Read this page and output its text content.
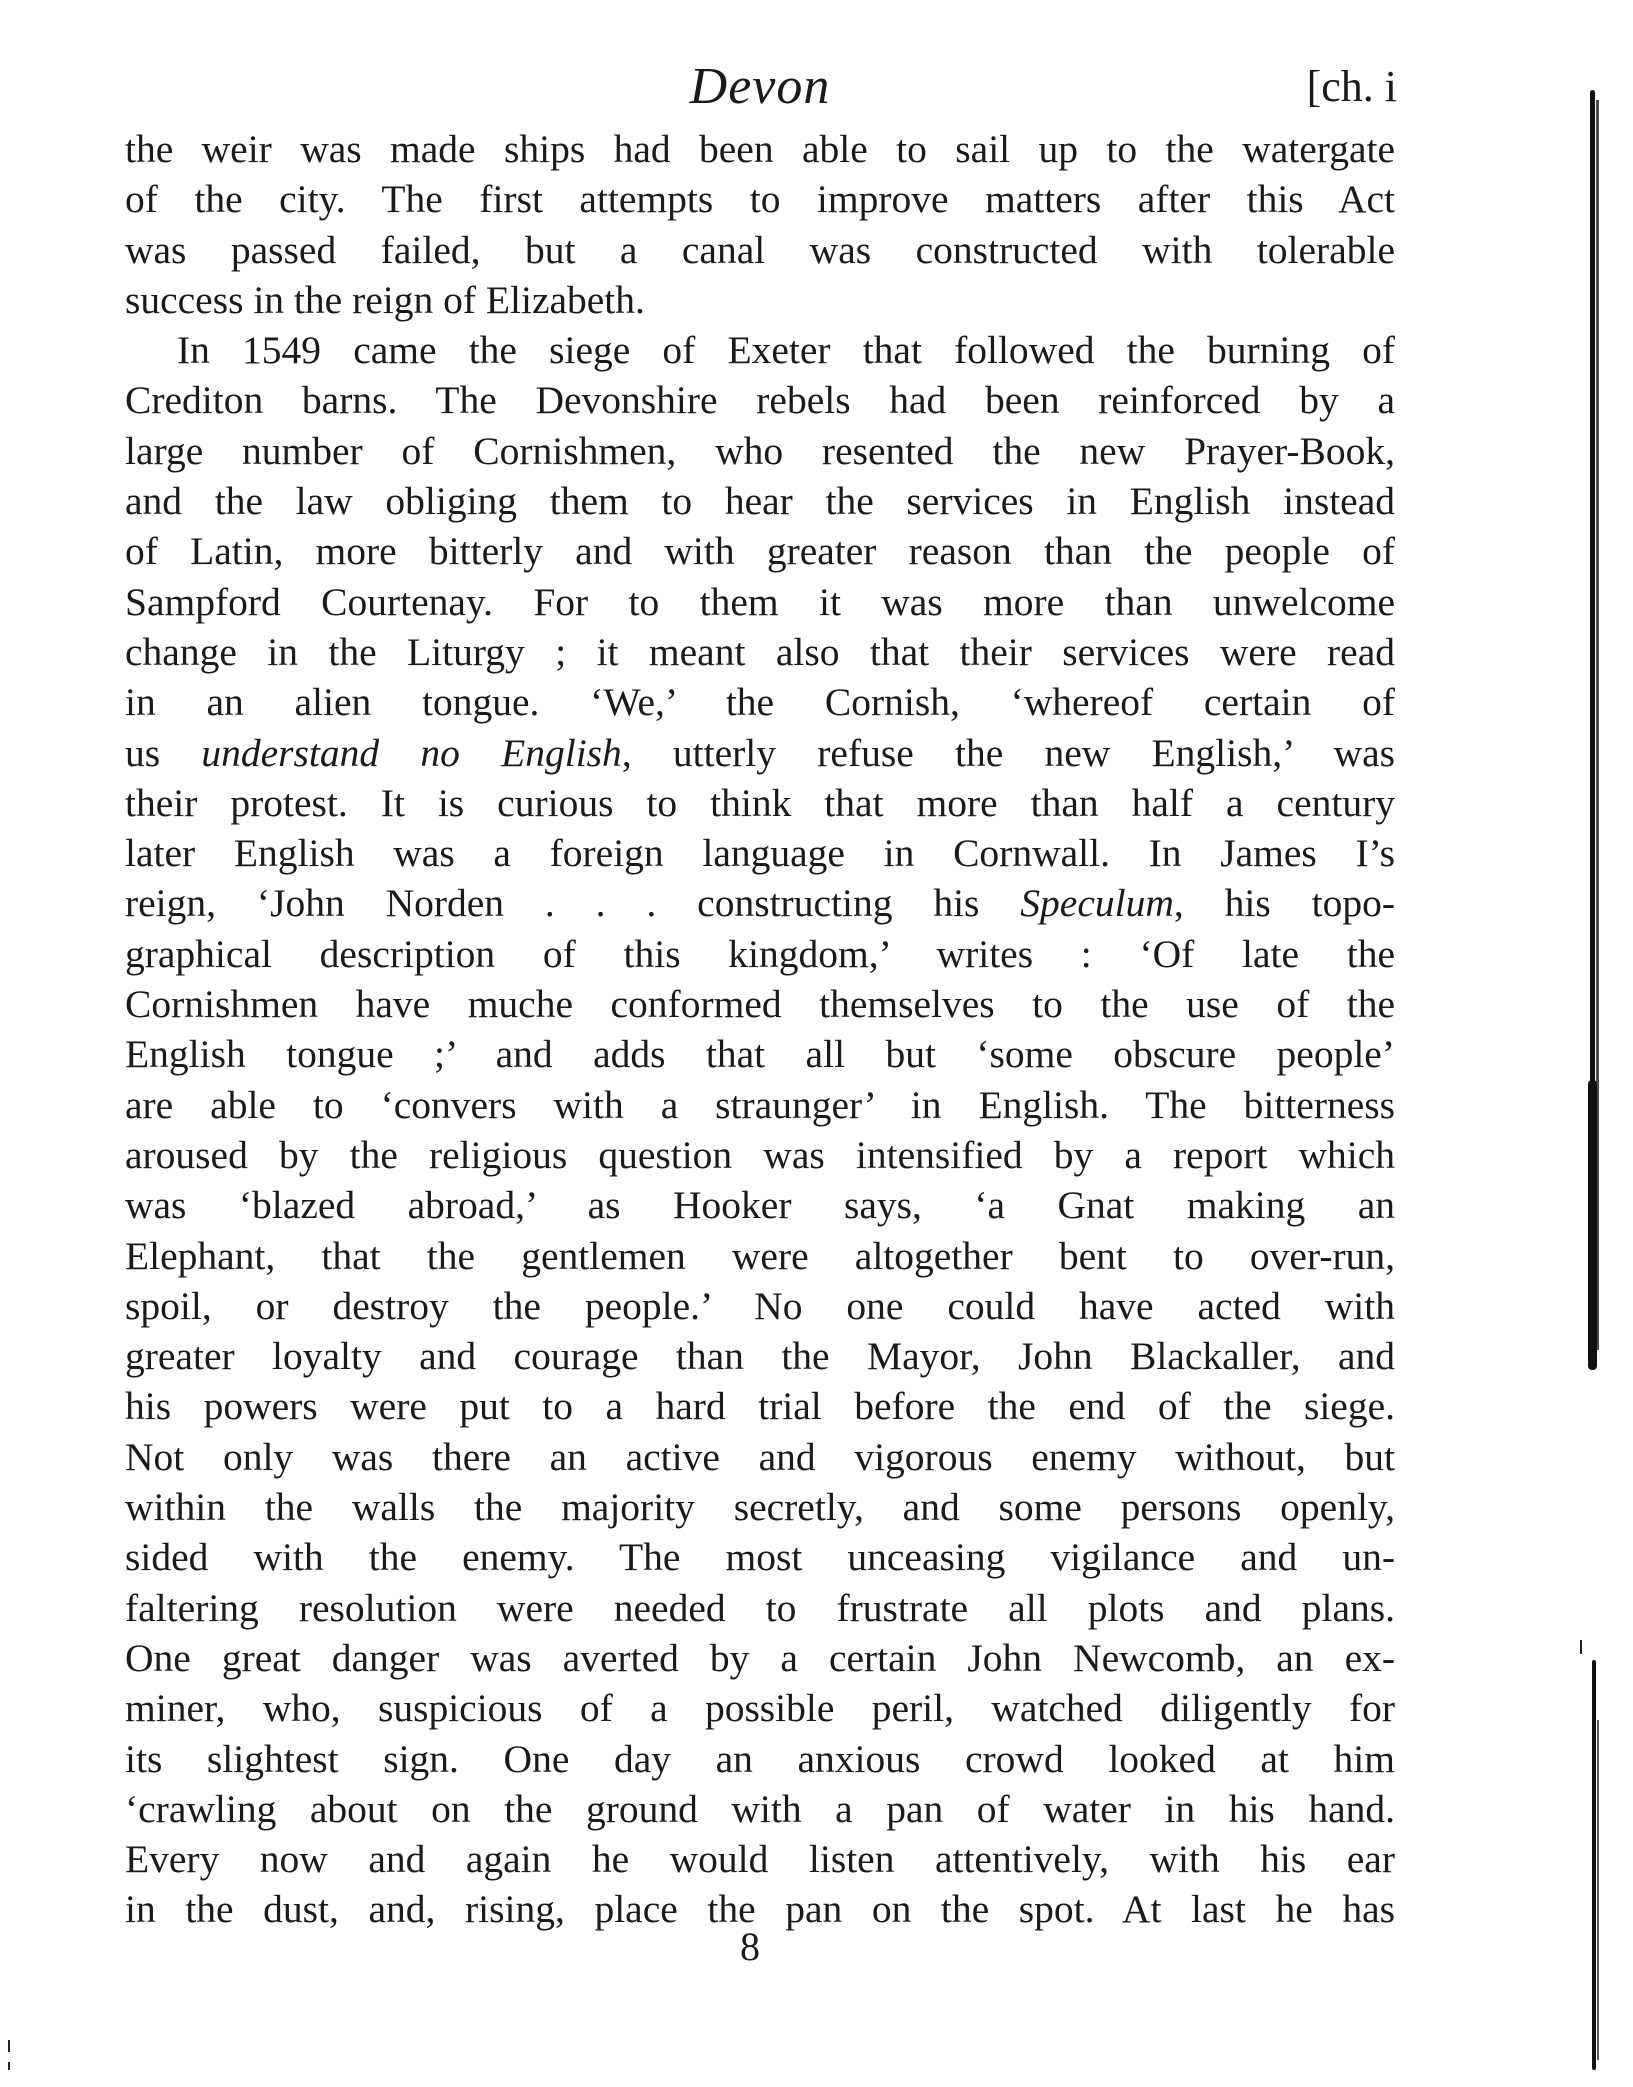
Devon	[ch. i
the weir was made ships had been able to sail up to the watergate
of the city. The first attempts to improve matters after this Act
was passed failed, but a canal was constructed with tolerable
success in the reign of Elizabeth.
In 1549 came the siege of Exeter that followed the burning of
Crediton barns. The Devonshire rebels had been reinforced by a
large number of Cornishmen, who resented the new Prayer-Book,
and the law obliging them to hear the services in English instead
of Latin, more bitterly and with greater reason than the people of
Sampford Courtenay. For to them it was more than unwelcome
change in the Liturgy ; it meant also that their services were read
in an alien tongue. ‘We,’ the Cornish, ‘whereof certain of
us understand no English, utterly refuse the new English,’ was
their protest. It is curious to think that more than half a century
later English was a foreign language in Cornwall. In James I’s
reign, ‘John Norden . . . constructing his Speculum, his topo-
graphical description of this kingdom,’ writes : ‘Of late the
Cornishmen have muche conformed themselves to the use of the
English tongue ;’ and adds that all but ‘some obscure people’
are able to ‘convers with a straunger’ in English. The bitterness
aroused by the religious question was intensified by a report which
was ‘blazed abroad,’ as Hooker says, ‘a Gnat making an
Elephant, that the gentlemen were altogether bent to over-run,
spoil, or destroy the people.’ No one could have acted with
greater loyalty and courage than the Mayor, John Blackaller, and
his powers were put to a hard trial before the end of the siege.
Not only was there an active and vigorous enemy without, but
within the walls the majority secretly, and some persons openly,
sided with the enemy. The most unceasing vigilance and un-
faltering resolution were needed to frustrate all plots and plans.
One great danger was averted by a certain John Newcomb, an ex-
miner, who, suspicious of a possible peril, watched diligently for
its slightest sign. One day an anxious crowd looked at him
‘crawling about on the ground with a pan of water in his hand.
Every now and again he would listen attentively, with his ear
in the dust, and, rising, place the pan on the spot. At last he has
8
